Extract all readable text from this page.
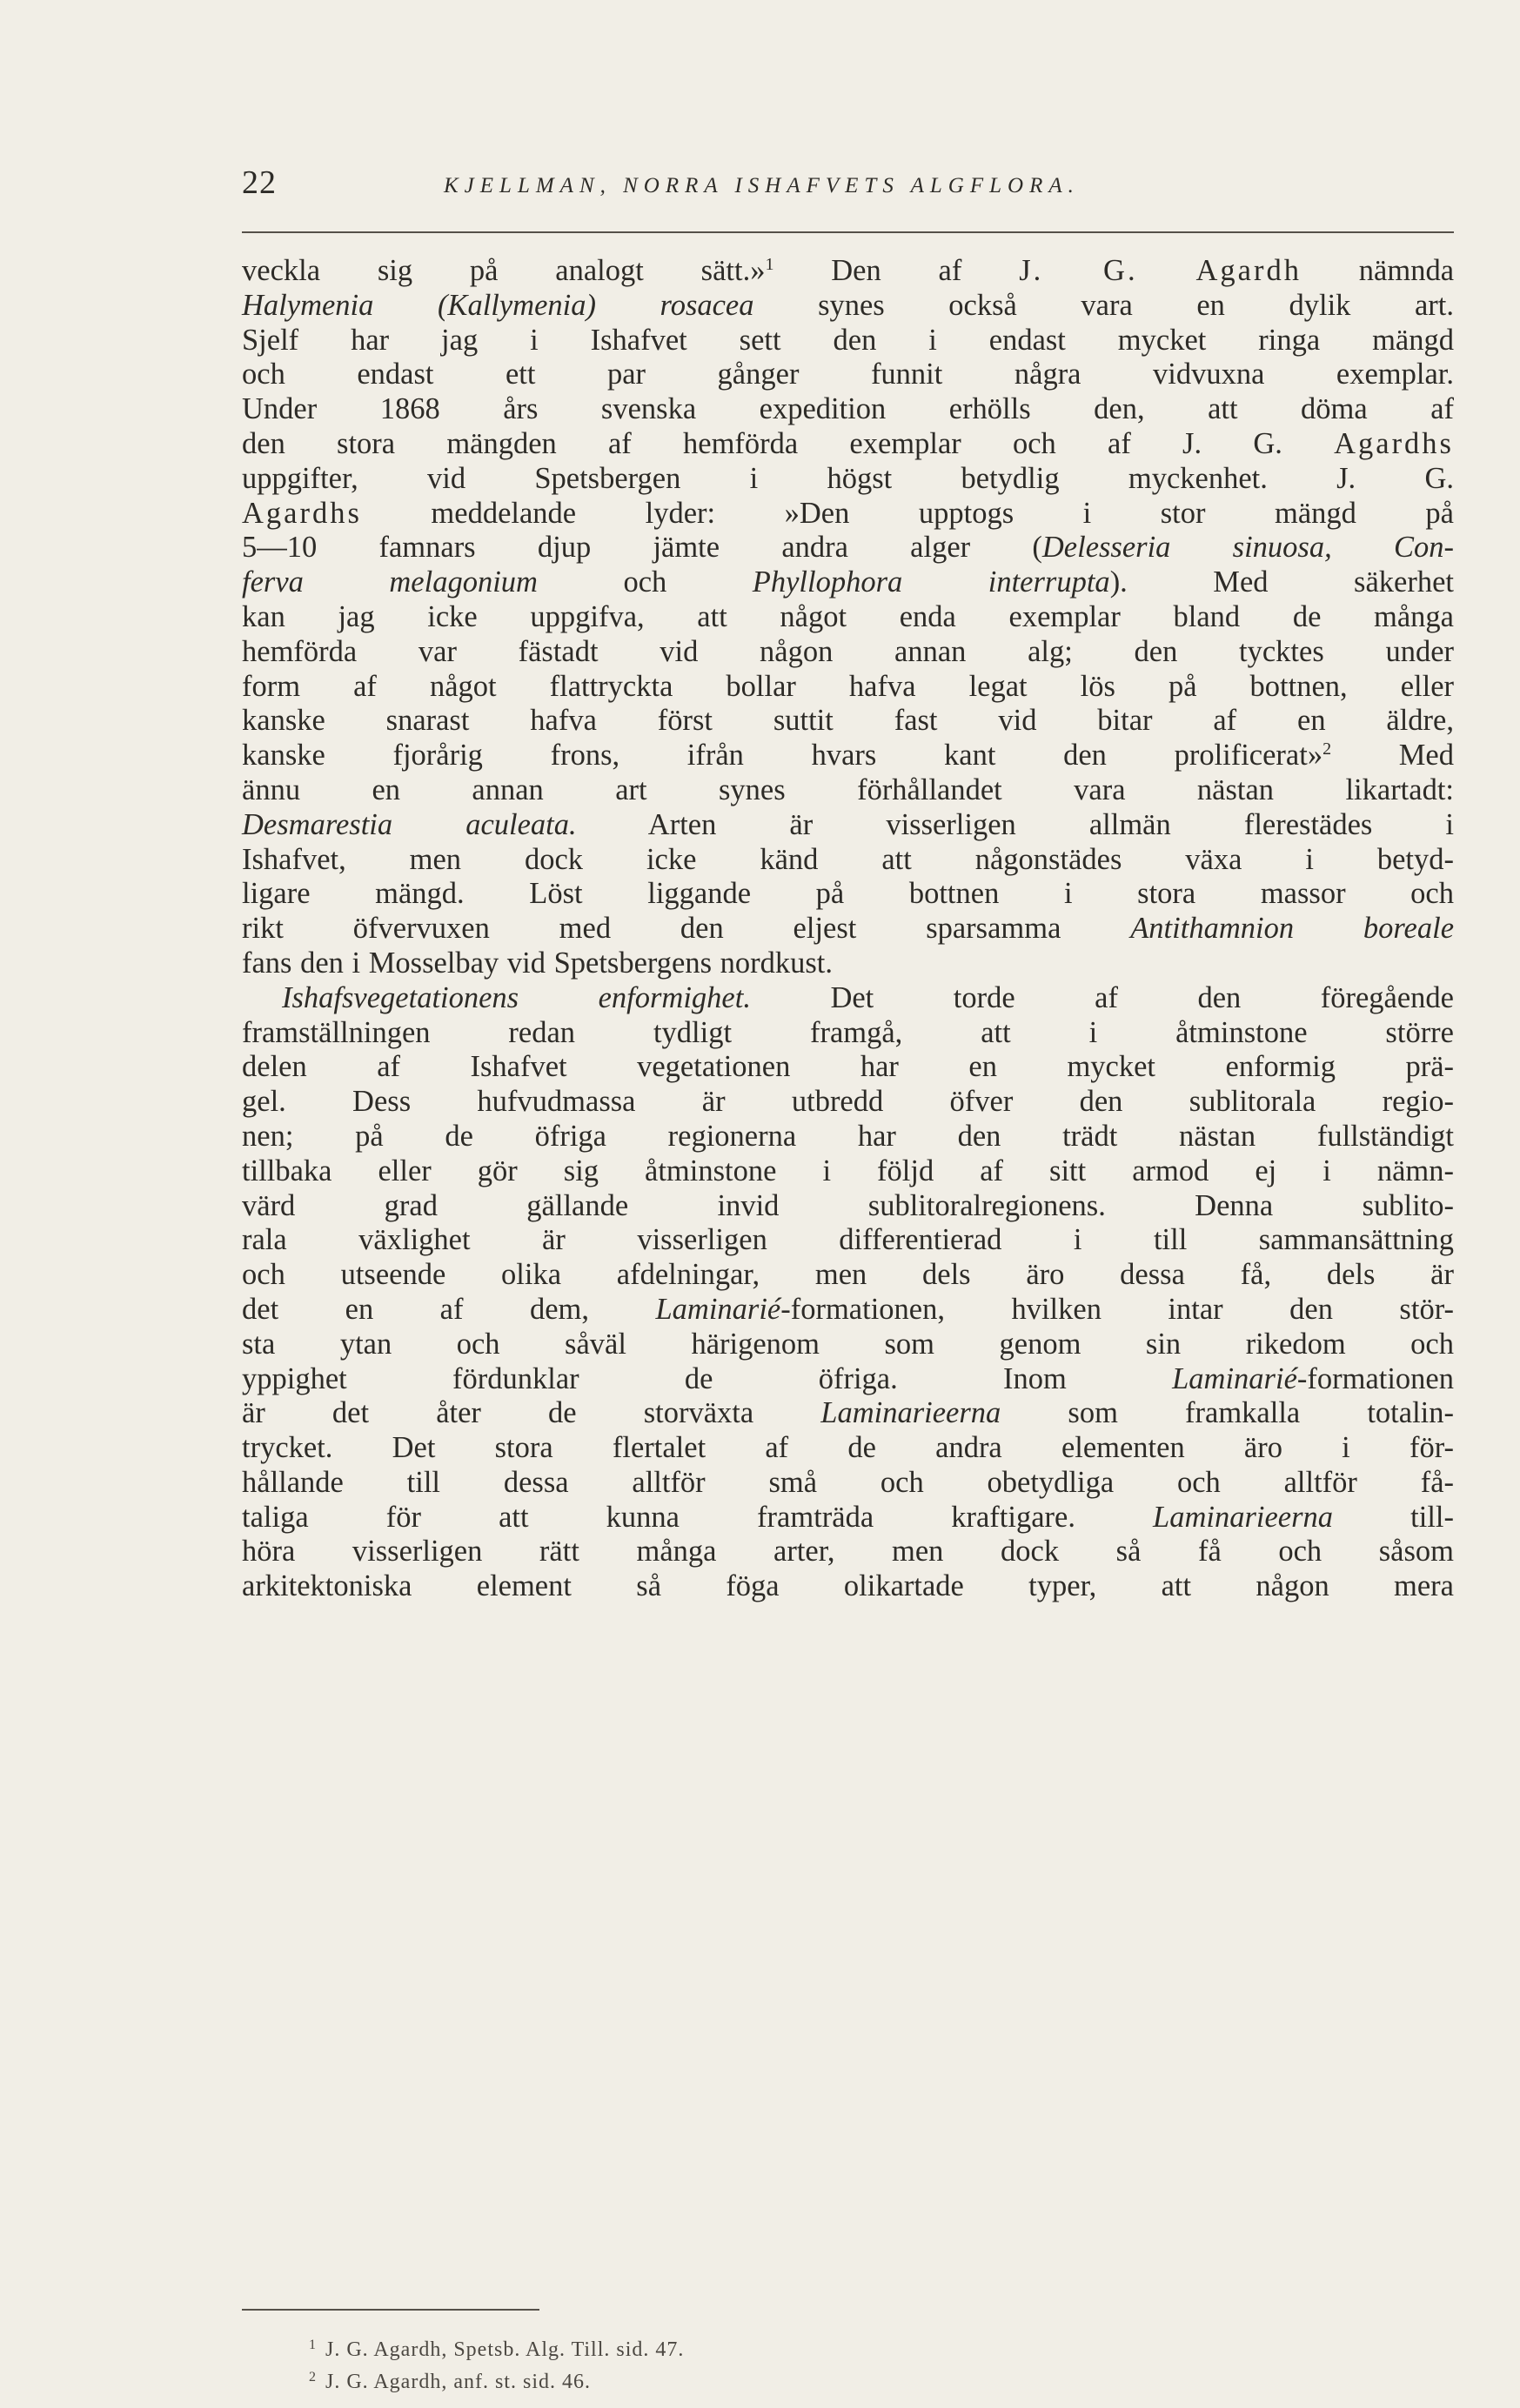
22	KJELLMAN, NORRA ISHAFVETS ALGFLORA.
veckla sig på analogt sätt.»$^1$ Den af J. G. Agardh nämnda
Halymenia (Kallymenia) rosacea synes också vara en dylik art.
Sjelf har jag i Ishafvet sett den i endast mycket ringa mängd
och endast ett par gånger funnit några vidvuxna exemplar.
Under 1868 års svenska expedition erhölls den, att döma af
den stora mängden af hemförda exemplar och af J. G. Agardhs
uppgifter, vid Spetsbergen i högst betydlig myckenhet. J. G.
Agardhs meddelande lyder: »Den upptogs i stor mängd på
5—10 famnars djup jämte andra alger (Delesseria sinuosa, Con-
ferva melagonium och Phyllophora interrupta). Med säkerhet
kan jag icke uppgifva, att något enda exemplar bland de många
hemförda var fästadt vid någon annan alg; den tycktes under
form af något flattryckta bollar hafva legat lös på bottnen, eller
kanske snarast hafva först suttit fast vid bitar af en äldre,
kanske fjorårig frons, ifrån hvars kant den prolificerat»$^2$ Med
ännu en annan art synes förhållandet vara nästan likartadt:
Desmarestia aculeata. Arten är visserligen allmän flerestädes i
Ishafvet, men dock icke känd att någonstädes växa i betyd-
ligare mängd. Löst liggande på bottnen i stora massor och
rikt öfvervuxen med den eljest sparsamma Antithamnion boreale
fans den i Mosselbay vid Spetsbergens nordkust.
Ishafsvegetationens enformighet. Det torde af den föregående
framställningen redan tydligt framgå, att i åtminstone större
delen af Ishafvet vegetationen har en mycket enformig prä-
gel. Dess hufvudmassa är utbredd öfver den sublitorala regio-
nen; på de öfriga regionerna har den trädt nästan fullständigt
tillbaka eller gör sig åtminstone i följd af sitt armod ej i nämn-
värd grad gällande invid sublitoralregionens. Denna sublito-
rala växlighet är visserligen differentierad i till sammansättning
och utseende olika afdelningar, men dels äro dessa få, dels är
det en af dem, Laminarié-formationen, hvilken intar den stör-
sta ytan och såväl härigenom som genom sin rikedom och
yppighet fördunklar de öfriga. Inom Laminarié-formationen
är det åter de storväxta Laminarieerna som framkalla totalin-
trycket. Det stora flertalet af de andra elementen äro i för-
hållande till dessa alltför små och obetydliga och alltför få-
taliga för att kunna framträda kraftigare. Laminarieerna till-
höra visserligen rätt många arter, men dock så få och såsom
arkitektoniska element så föga olikartade typer, att någon mera
$^1$ J. G. Agardh, Spetsb. Alg. Till. sid. 47.
$^2$ J. G. Agardh, anf. st. sid. 46.
